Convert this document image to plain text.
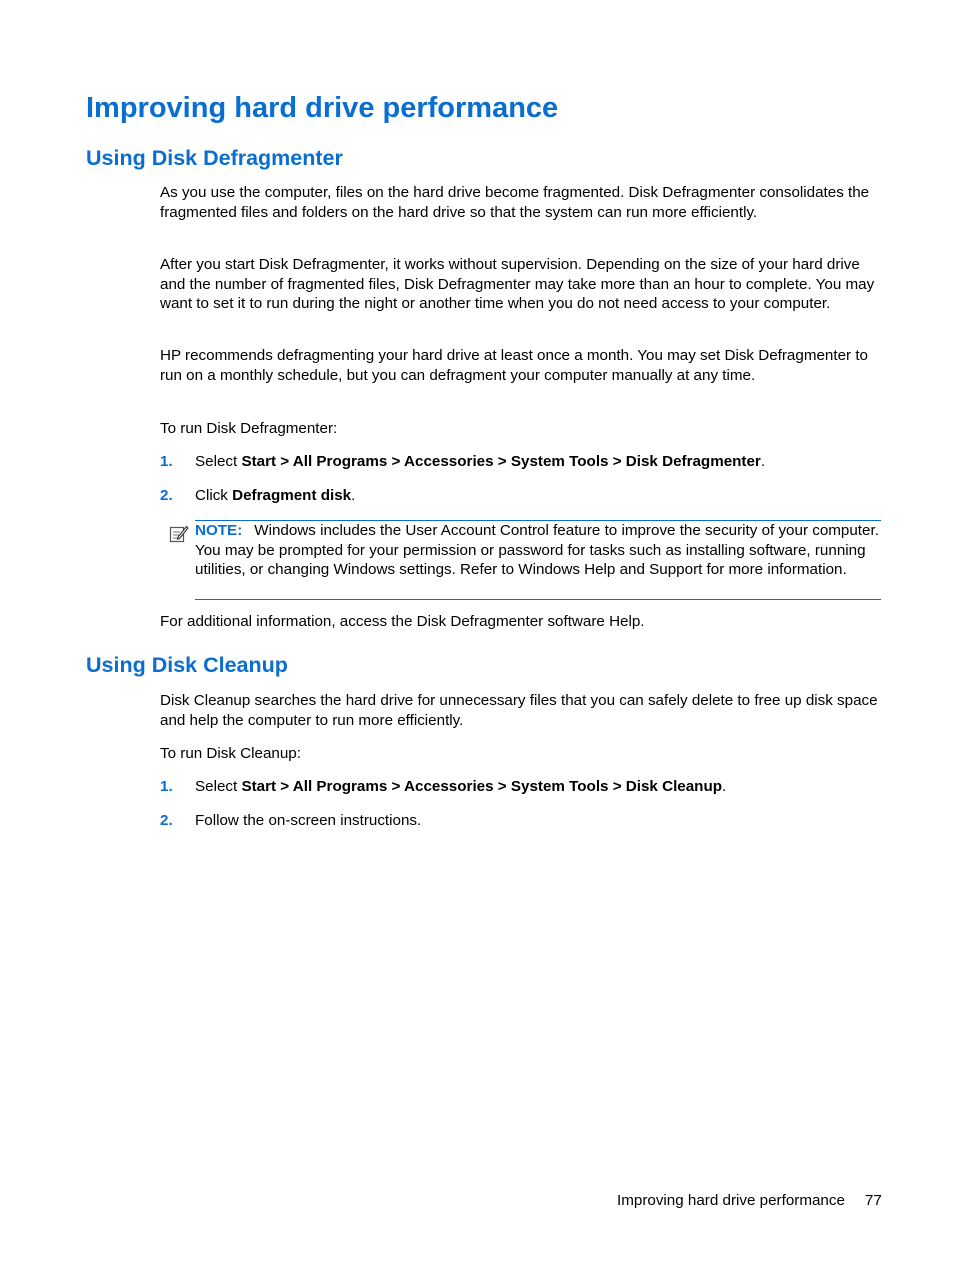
Improving hard drive performance
Using Disk Defragmenter

As you use the computer, files on the hard drive become fragmented. Disk Defragmenter consolidates the fragmented files and folders on the hard drive so that the system can run more efficiently.

After you start Disk Defragmenter, it works without supervision. Depending on the size of your hard drive and the number of fragmented files, Disk Defragmenter may take more than an hour to complete. You may want to set it to run during the night or another time when you do not need access to your computer.

HP recommends defragmenting your hard drive at least once a month. You may set Disk Defragmenter to run on a monthly schedule, but you can defragment your computer manually at any time.

To run Disk Defragmenter:

1. Select Start > All Programs > Accessories > System Tools > Disk Defragmenter.
2. Click Defragment disk.

NOTE: Windows includes the User Account Control feature to improve the security of your computer. You may be prompted for your permission or password for tasks such as installing software, running utilities, or changing Windows settings. Refer to Windows Help and Support for more information.

For additional information, access the Disk Defragmenter software Help.

Using Disk Cleanup

Disk Cleanup searches the hard drive for unnecessary files that you can safely delete to free up disk space and help the computer to run more efficiently.

To run Disk Cleanup:

1. Select Start > All Programs > Accessories > System Tools > Disk Cleanup.
2. Follow the on-screen instructions.
Improving hard drive performance 77
